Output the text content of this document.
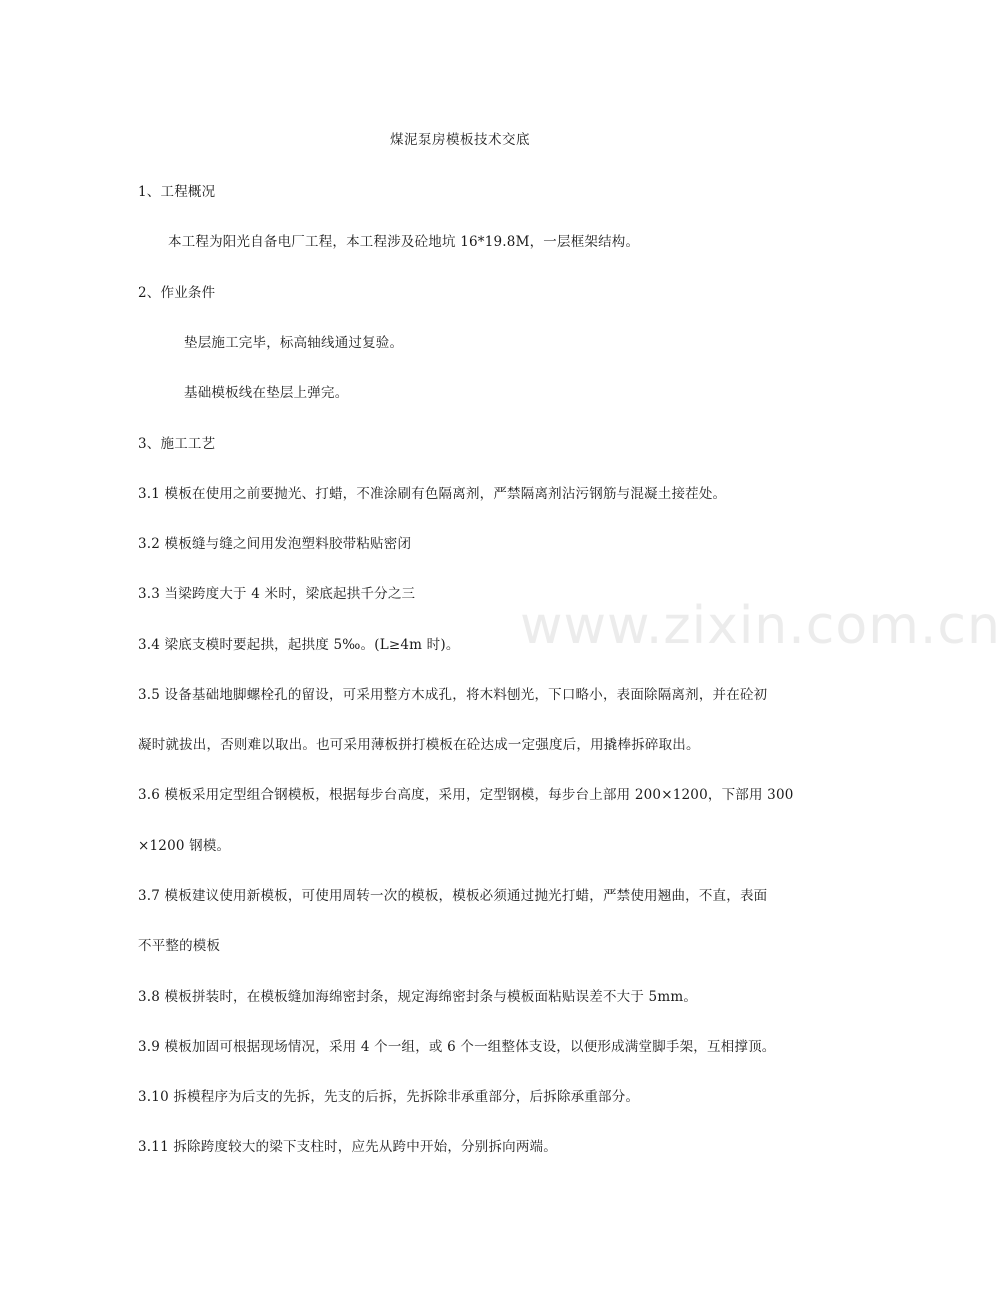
煤泥泵房模板技术交底
1、工程概况
本工程为阳光自备电厂工程，本工程涉及砼地坑 16*19.8M，一层框架结构。
2、作业条件
垫层施工完毕，标高轴线通过复验。
基础模板线在垫层上弹完。
3、施工工艺
3.1 模板在使用之前要抛光、打蜡，不准涂刷有色隔离剂，严禁隔离剂沾污钢筋与混凝土接茬处。
3.2 模板缝与缝之间用发泡塑料胶带粘贴密闭
3.3 当梁跨度大于 4 米时，梁底起拱千分之三
3.4 梁底支模时要起拱，起拱度 5‰。(L≥4m 时)。
3.5 设备基础地脚螺栓孔的留设，可采用整方木成孔，将木料刨光，下口略小，表面除隔离剂，并在砼初
凝时就拔出，否则难以取出。也可采用薄板拼打模板在砼达成一定强度后，用撬棒拆碎取出。
3.6 模板采用定型组合钢模板，根据每步台高度，采用，定型钢模，每步台上部用 200×1200，下部用 300
×1200 钢模。
3.7 模板建议使用新模板，可使用周转一次的模板，模板必须通过抛光打蜡，严禁使用翘曲，不直，表面
不平整的模板
3.8 模板拼装时，在模板缝加海绵密封条，规定海绵密封条与模板面粘贴误差不大于 5mm。
3.9 模板加固可根据现场情况，采用 4 个一组，或 6 个一组整体支设，以便形成满堂脚手架，互相撑顶。
3.10 拆模程序为后支的先拆，先支的后拆，先拆除非承重部分，后拆除承重部分。
3.11 拆除跨度较大的梁下支柱时，应先从跨中开始，分别拆向两端。
www.zixin.com.cn
